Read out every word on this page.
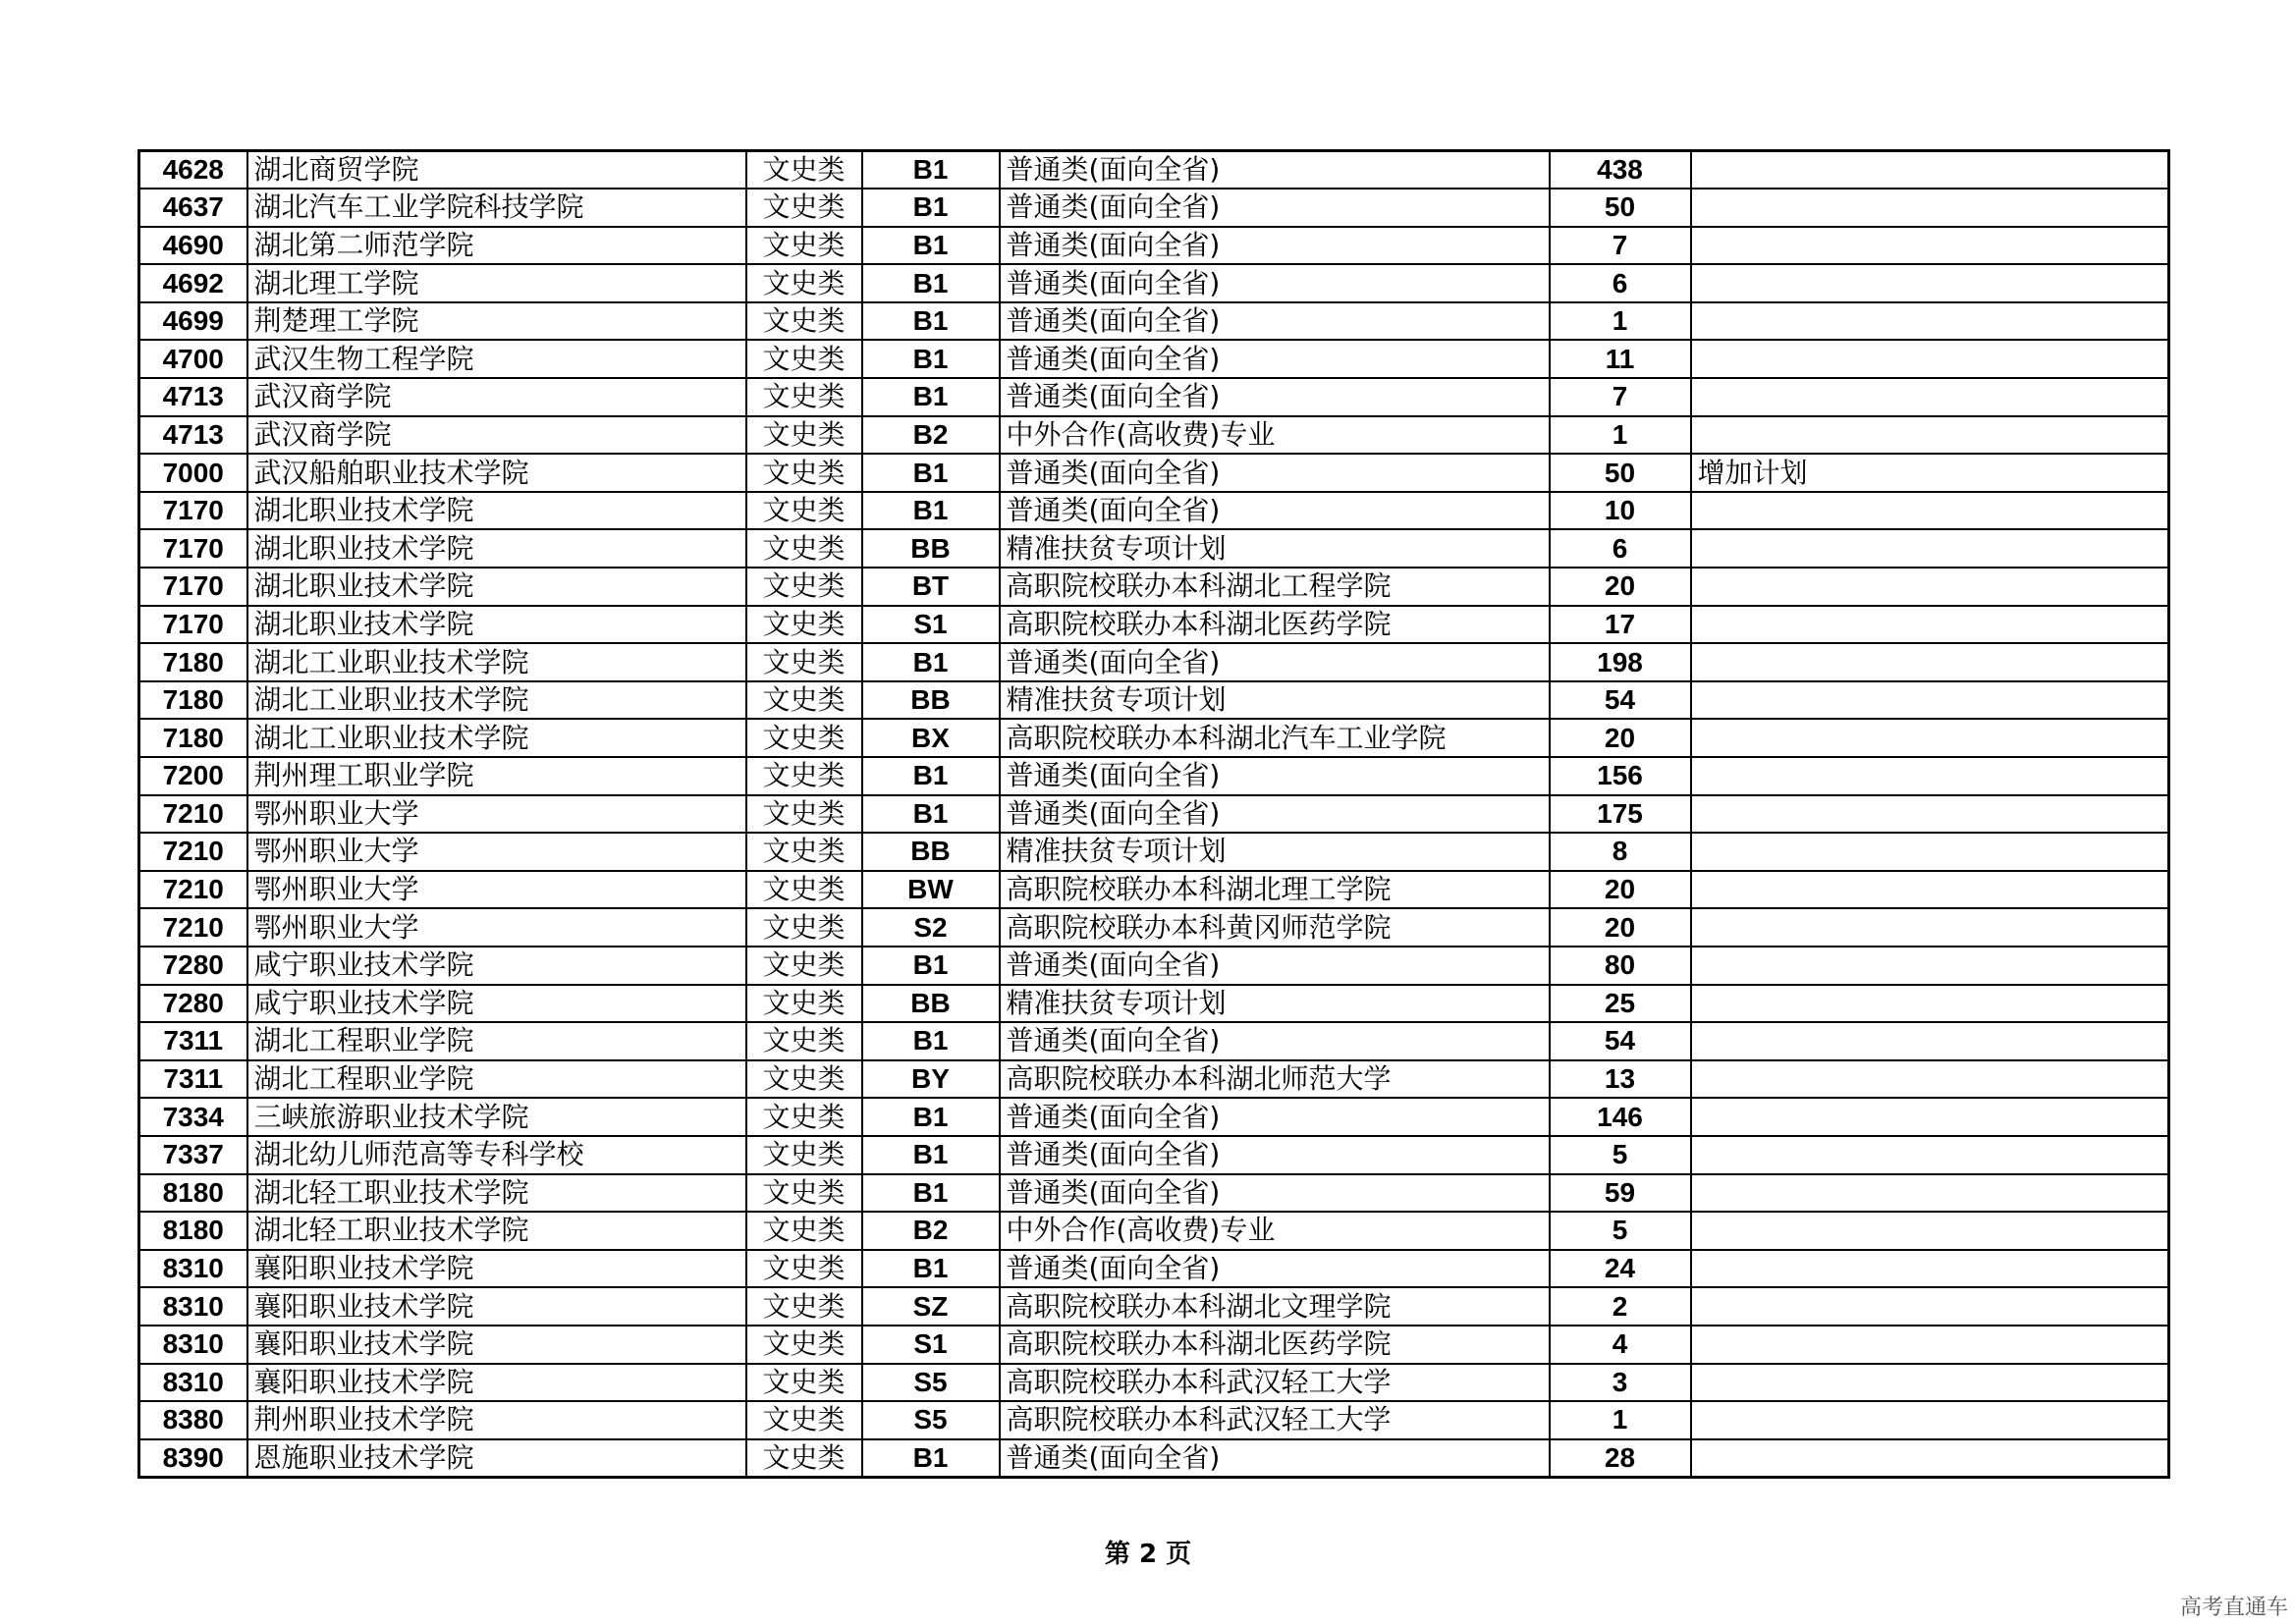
4628	湖北商贸学院	文史类	B1	普通类(面向全省)	438	
4637	湖北汽车工业学院科技学院	文史类	B1	普通类(面向全省)	50	
4690	湖北第二师范学院	文史类	B1	普通类(面向全省)	7	
4692	湖北理工学院	文史类	B1	普通类(面向全省)	6	
4699	荆楚理工学院	文史类	B1	普通类(面向全省)	1	
4700	武汉生物工程学院	文史类	B1	普通类(面向全省)	11	
4713	武汉商学院	文史类	B1	普通类(面向全省)	7	
4713	武汉商学院	文史类	B2	中外合作(高收费)专业	1	
7000	武汉船舶职业技术学院	文史类	B1	普通类(面向全省)	50	增加计划
7170	湖北职业技术学院	文史类	B1	普通类(面向全省)	10	
7170	湖北职业技术学院	文史类	BB	精准扶贫专项计划	6	
7170	湖北职业技术学院	文史类	BT	高职院校联办本科湖北工程学院	20	
7170	湖北职业技术学院	文史类	S1	高职院校联办本科湖北医药学院	17	
7180	湖北工业职业技术学院	文史类	B1	普通类(面向全省)	198	
7180	湖北工业职业技术学院	文史类	BB	精准扶贫专项计划	54	
7180	湖北工业职业技术学院	文史类	BX	高职院校联办本科湖北汽车工业学院	20	
7200	荆州理工职业学院	文史类	B1	普通类(面向全省)	156	
7210	鄂州职业大学	文史类	B1	普通类(面向全省)	175	
7210	鄂州职业大学	文史类	BB	精准扶贫专项计划	8	
7210	鄂州职业大学	文史类	BW	高职院校联办本科湖北理工学院	20	
7210	鄂州职业大学	文史类	S2	高职院校联办本科黄冈师范学院	20	
7280	咸宁职业技术学院	文史类	B1	普通类(面向全省)	80	
7280	咸宁职业技术学院	文史类	BB	精准扶贫专项计划	25	
7311	湖北工程职业学院	文史类	B1	普通类(面向全省)	54	
7311	湖北工程职业学院	文史类	BY	高职院校联办本科湖北师范大学	13	
7334	三峡旅游职业技术学院	文史类	B1	普通类(面向全省)	146	
7337	湖北幼儿师范高等专科学校	文史类	B1	普通类(面向全省)	5	
8180	湖北轻工职业技术学院	文史类	B1	普通类(面向全省)	59	
8180	湖北轻工职业技术学院	文史类	B2	中外合作(高收费)专业	5	
8310	襄阳职业技术学院	文史类	B1	普通类(面向全省)	24	
8310	襄阳职业技术学院	文史类	SZ	高职院校联办本科湖北文理学院	2	
8310	襄阳职业技术学院	文史类	S1	高职院校联办本科湖北医药学院	4	
8310	襄阳职业技术学院	文史类	S5	高职院校联办本科武汉轻工大学	3	
8380	荆州职业技术学院	文史类	S5	高职院校联办本科武汉轻工大学	1	
8390	恩施职业技术学院	文史类	B1	普通类(面向全省)	28	
第 2 页
高考直通车
